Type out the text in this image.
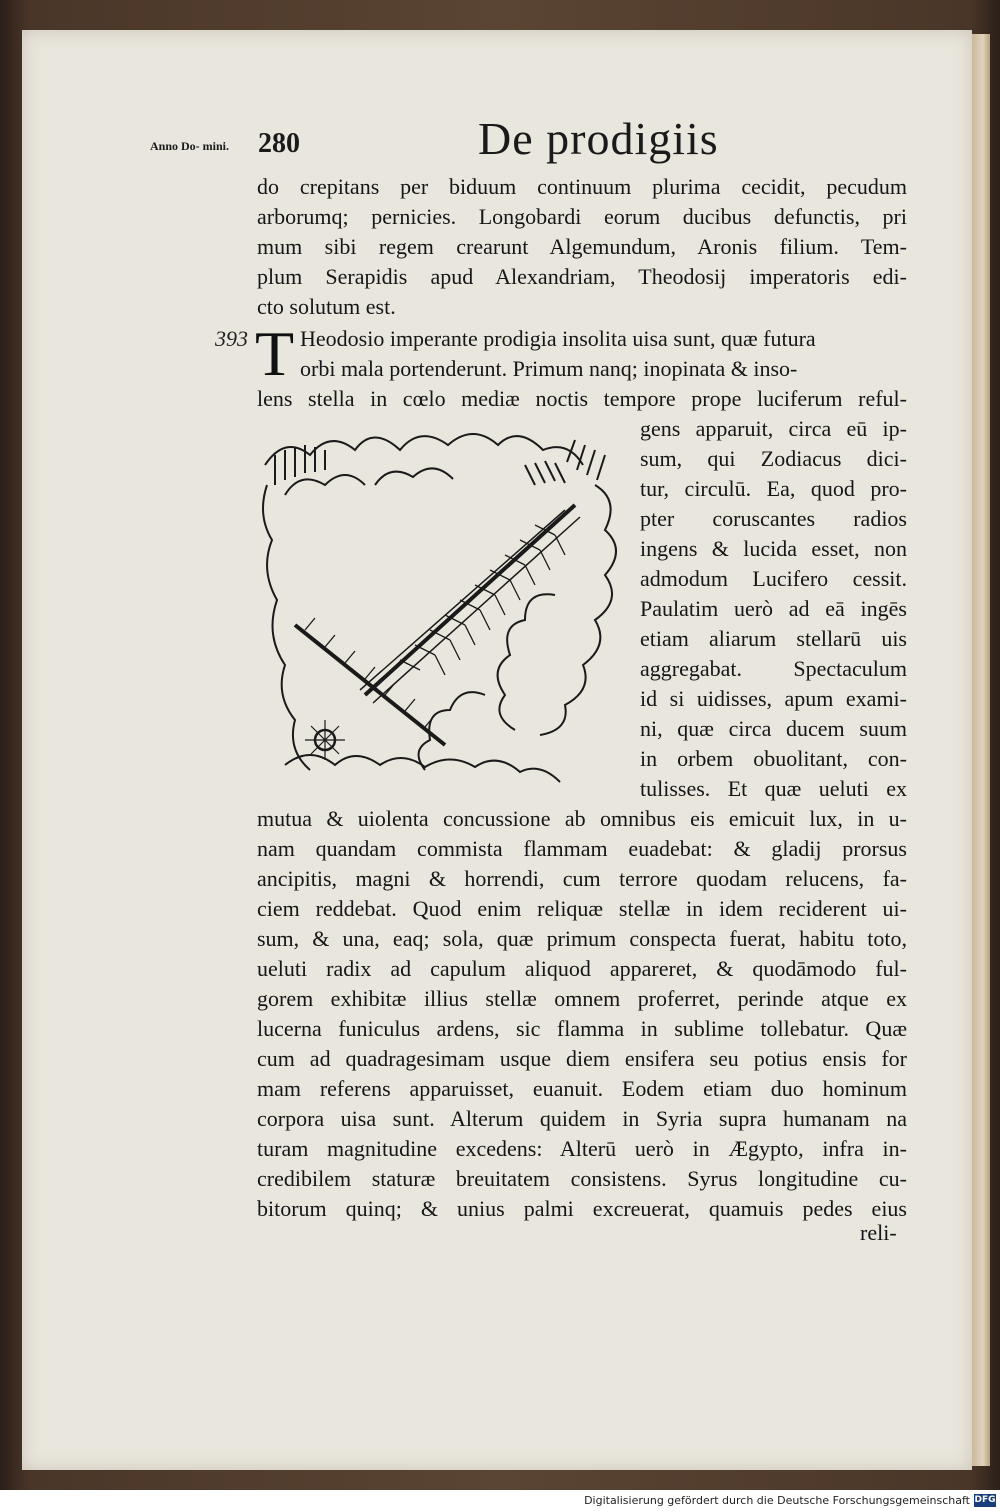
Anno Do- mini.	280	De prodigiis
do crepitans per biduum continuum plurima cecidit, pecudum
arborumq; pernicies. Longobardi eorum ducibus defunctis, pri
mum sibi regem crearunt Algemundum, Aronis filium. Tem-
plum Serapidis apud Alexandriam, Theodosij imperatoris edi-
cto solutum est.
393 T Heodosio imperante prodigia insolita uisa sunt, quæ futura
orbi mala portenderunt. Primum nanq; inopinata & inso-
lens stella in cœlo mediæ noctis tempore prope luciferum reful-
gens apparuit, circa eū ip-
sum, qui Zodiacus dici-
tur, circulū. Ea, quod pro-
pter coruscantes radios
ingens & lucida esset, non
admodum Lucifero cessit.
Paulatim uerò ad eā ingēs
etiam aliarum stellarū uis
aggregabat. Spectaculum
id si uidisses, apum exami-
ni, quæ circa ducem suum
in orbem obuolitant, con-
tulisses. Et quæ ueluti ex
mutua & uiolenta concussione ab omnibus eis emicuit lux, in u-
nam quandam commista flammam euadebat: & gladij prorsus
ancipitis, magni & horrendi, cum terrore quodam relucens, fa-
ciem reddebat. Quod enim reliquæ stellæ in idem reciderent ui-
sum, & una, eaq; sola, quæ primum conspecta fuerat, habitu toto,
ueluti radix ad capulum aliquod appareret, & quodāmodo ful-
gorem exhibitæ illius stellæ omnem proferret, perinde atque ex
lucerna funiculus ardens, sic flamma in sublime tollebatur. Quæ
cum ad quadragesimam usque diem ensifera seu potius ensis for
mam referens apparuisset, euanuit. Eodem etiam duo hominum
corpora uisa sunt. Alterum quidem in Syria supra humanam na
turam magnitudine excedens: Alterū uerò in Ægypto, infra in-
credibilem staturæ breuitatem consistens. Syrus longitudine cu-
bitorum quinq; & unius palmi excreuerat, quamuis pedes eius
reli-
Digitalisierung gefördert durch die Deutsche Forschungsgemeinschaft DFG
